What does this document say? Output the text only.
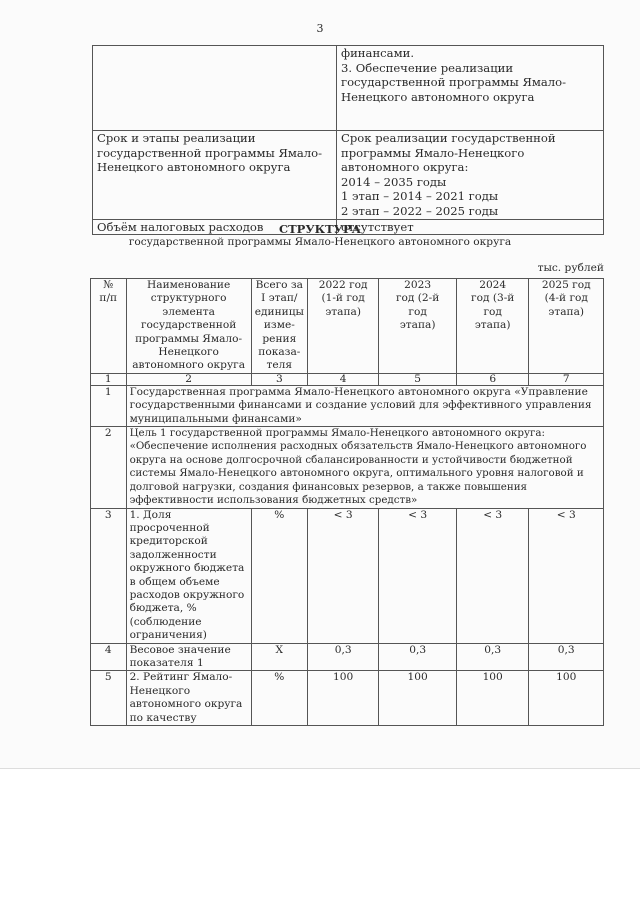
3

	финансами.
3. Обеспечение реализации государственной программы Ямало-Ненецкого автономного округа

Срок и этапы реализации государственной программы Ямало-Ненецкого автономного округа	Срок реализации государственной программы Ямало-Ненецкого автономного округа:
2014 – 2035 годы
1 этап – 2014 – 2021 годы
2 этап – 2022 – 2025 годы

Объём налоговых расходов	отсутствует
СТРУКТУРА
государственной программы Ямало-Ненецкого автономного округа
тыс. рублей
№ п/п	Наименование структурного элемента государственной программы Ямало-Ненецкого автономного округа	Всего за I этап/ единицы изме-рения показа-теля	2022 год (1-й год этапа)	2023 год (2-й год этапа)	2024 год (3-й год этапа)	2025 год (4-й год этапа)
1	2	3	4	5	6	7
1	Государственная программа Ямало-Ненецкого автономного округа «Управление государственными финансами и создание условий для эффективного управления муниципальными финансами»					
2	Цель 1 государственной программы Ямало-Ненецкого автономного округа: «Обеспечение исполнения расходных обязательств Ямало-Ненецкого автономного округа на основе долгосрочной сбалансированности и устойчивости бюджетной системы Ямало-Ненецкого автономного округа, оптимального уровня налоговой и долговой нагрузки, создания финансовых резервов, а также повышения эффективности использования бюджетных средств»					
3	1. Доля просроченной кредиторской задолженности окружного бюджета в общем объеме расходов окружного бюджета, % (соблюдение ограничения)	%	< 3	< 3	< 3	< 3
4	Весовое значение показателя 1	Х	0,3	0,3	0,3	0,3
5	2. Рейтинг Ямало-Ненецкого автономного округа по качеству	%	100	100	100	100
